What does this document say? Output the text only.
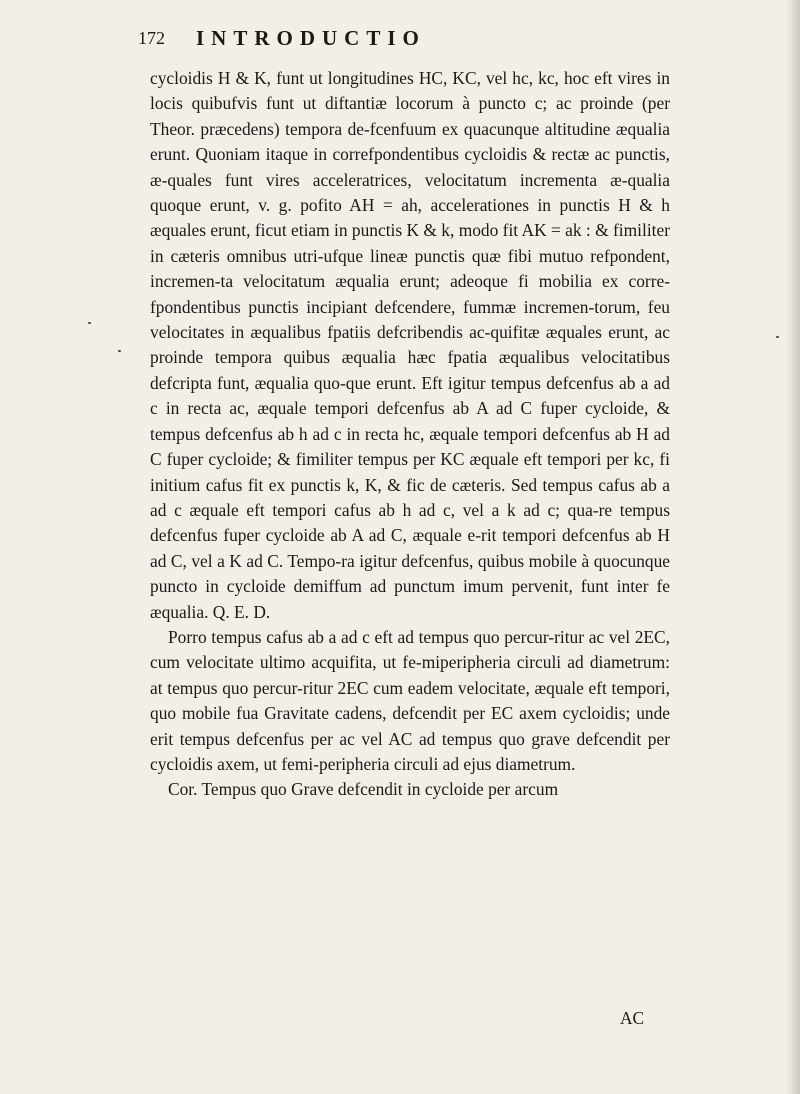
172 INTRODUCTIO

cycloidis H & K, funt ut longitudines HC, KC, vel hc, kc, hoc eft vires in locis quibufvis funt ut diftantiæ locorum à puncto c; ac proinde (per Theor. præcedens) tempora de-fcenfuum ex quacunque altitudine æqualia erunt. Quoniam itaque in correfpondentibus cycloidis & rectæ ac punctis, æ-quales funt vires acceleratrices, velocitatum incrementa æ-qualia quoque erunt, v. g. pofito AH = ah, accelerationes in punctis H & h æquales erunt, ficut etiam in punctis K & k, modo fit AK = ak : & fimiliter in cæteris omnibus utri-ufque lineæ punctis quæ fibi mutuo refpondent, incremen-ta velocitatum æqualia erunt; adeoque fi mobilia ex corre-fpondentibus punctis incipiant defcendere, fummæ incremen-torum, feu velocitates in æqualibus fpatiis defcribendis ac-quifitæ æquales erunt, ac proinde tempora quibus æqualia hæc fpatia æqualibus velocitatibus defcripta funt, æqualia quo-que erunt. Eft igitur tempus defcenfus ab a ad c in recta ac, æquale tempori defcenfus ab A ad C fuper cycloide, & tempus defcenfus ab h ad c in recta hc, æquale tempori defcenfus ab H ad C fuper cycloide; & fimiliter tempus per KC æquale eft tempori per kc, fi initium cafus fit ex punctis k, K, & fic de cæteris. Sed tempus cafus ab a ad c æquale eft tempori cafus ab h ad c, vel a k ad c; qua-re tempus defcenfus fuper cycloide ab A ad C, æquale e-rit tempori defcenfus ab H ad C, vel a K ad C. Tempo-ra igitur defcenfus, quibus mobile à quocunque puncto in cycloide demiffum ad punctum imum pervenit, funt inter fe æqualia. Q. E. D.

Porro tempus cafus ab a ad c eft ad tempus quo percur-ritur ac vel 2EC, cum velocitate ultimo acquifita, ut fe-miperipheria circuli ad diametrum: at tempus quo percur-ritur 2EC cum eadem velocitate, æquale eft tempori, quo mobile fua Gravitate cadens, defcendit per EC axem cycloidis; unde erit tempus defcenfus per ac vel AC ad tempus quo grave defcendit per cycloidis axem, ut femi-peripheria circuli ad ejus diametrum.

Cor. Tempus quo Grave defcendit in cycloide per arcum

AC
